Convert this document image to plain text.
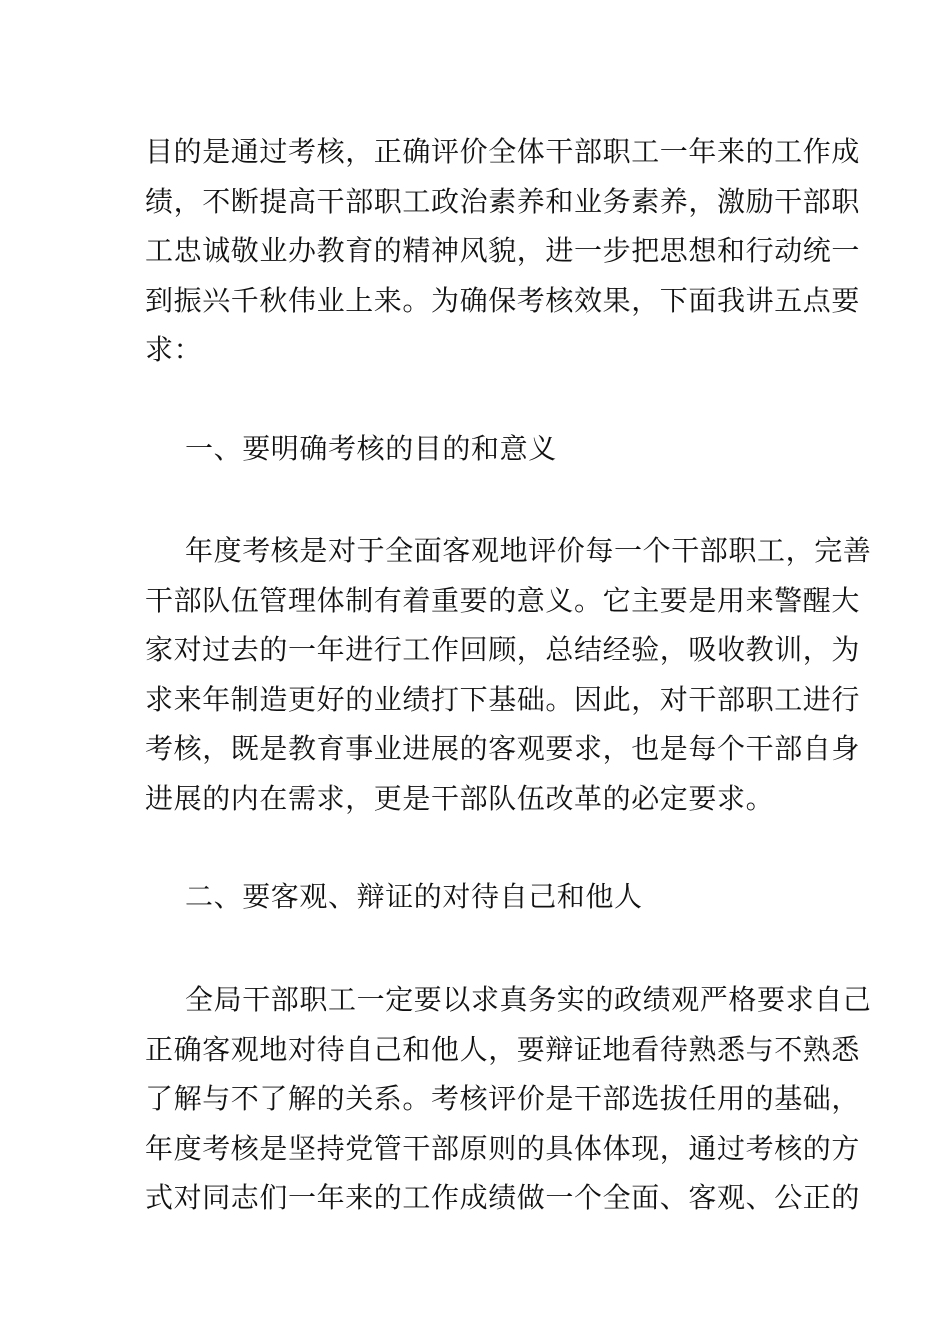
目的是通过考核，正确评价全体干部职工一年来的工作成
绩，不断提高干部职工政治素养和业务素养，激励干部职
工忠诚敬业办教育的精神风貌，进一步把思想和行动统一
到振兴千秋伟业上来。为确保考核效果，下面我讲五点要
求：
一、要明确考核的目的和意义
年度考核是对于全面客观地评价每一个干部职工，完善
干部队伍管理体制有着重要的意义。它主要是用来警醒大
家对过去的一年进行工作回顾，总结经验，吸收教训，为
求来年制造更好的业绩打下基础。因此，对干部职工进行
考核，既是教育事业进展的客观要求，也是每个干部自身
进展的内在需求，更是干部队伍改革的必定要求。
二、要客观、辩证的对待自己和他人
全局干部职工一定要以求真务实的政绩观严格要求自己
正确客观地对待自己和他人，要辩证地看待熟悉与不熟悉
了解与不了解的关系。考核评价是干部选拔任用的基础，
年度考核是坚持党管干部原则的具体体现，通过考核的方
式对同志们一年来的工作成绩做一个全面、客观、公正的
